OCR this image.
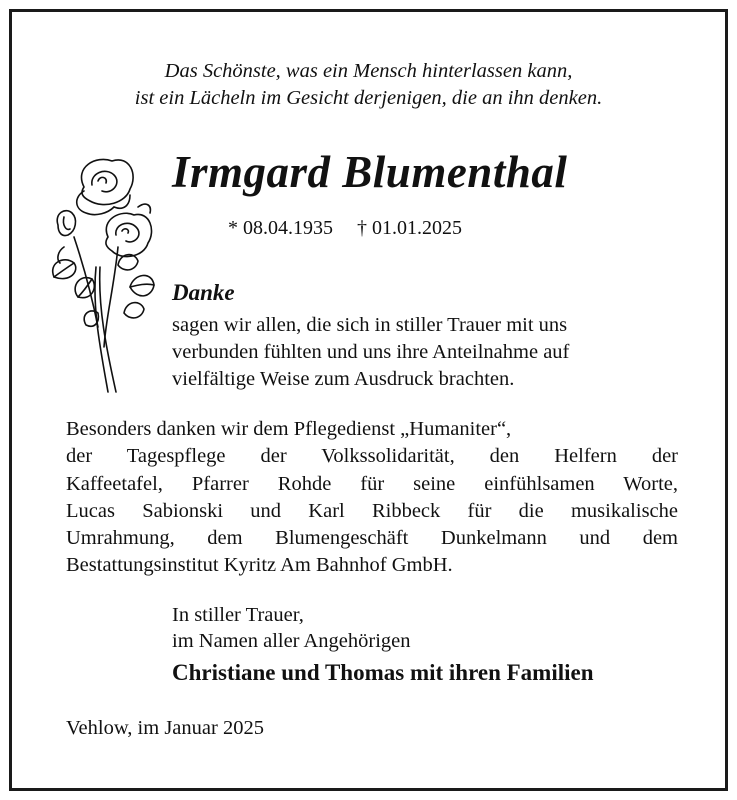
Das Schönste, was ein Mensch hinterlassen kann,
ist ein Lächeln im Gesicht derjenigen, die an ihn denken.
Irmgard Blumenthal
* 08.04.1935 † 01.01.2025
Danke
sagen wir allen, die sich in stiller Trauer mit uns
verbunden fühlten und uns ihre Anteilnahme auf
vielfältige Weise zum Ausdruck brachten.
Besonders danken wir dem Pflegedienst „Humaniter“,
der Tagespflege der Volkssolidarität, den Helfern der
Kaffeetafel, Pfarrer Rohde für seine einfühlsamen Worte,
Lucas Sabionski und Karl Ribbeck für die musikalische
Umrahmung, dem Blumengeschäft Dunkelmann und dem
Bestattungsinstitut Kyritz Am Bahnhof GmbH.
In stiller Trauer,
im Namen aller Angehörigen
Christiane und Thomas mit ihren Familien
Vehlow, im Januar 2025
